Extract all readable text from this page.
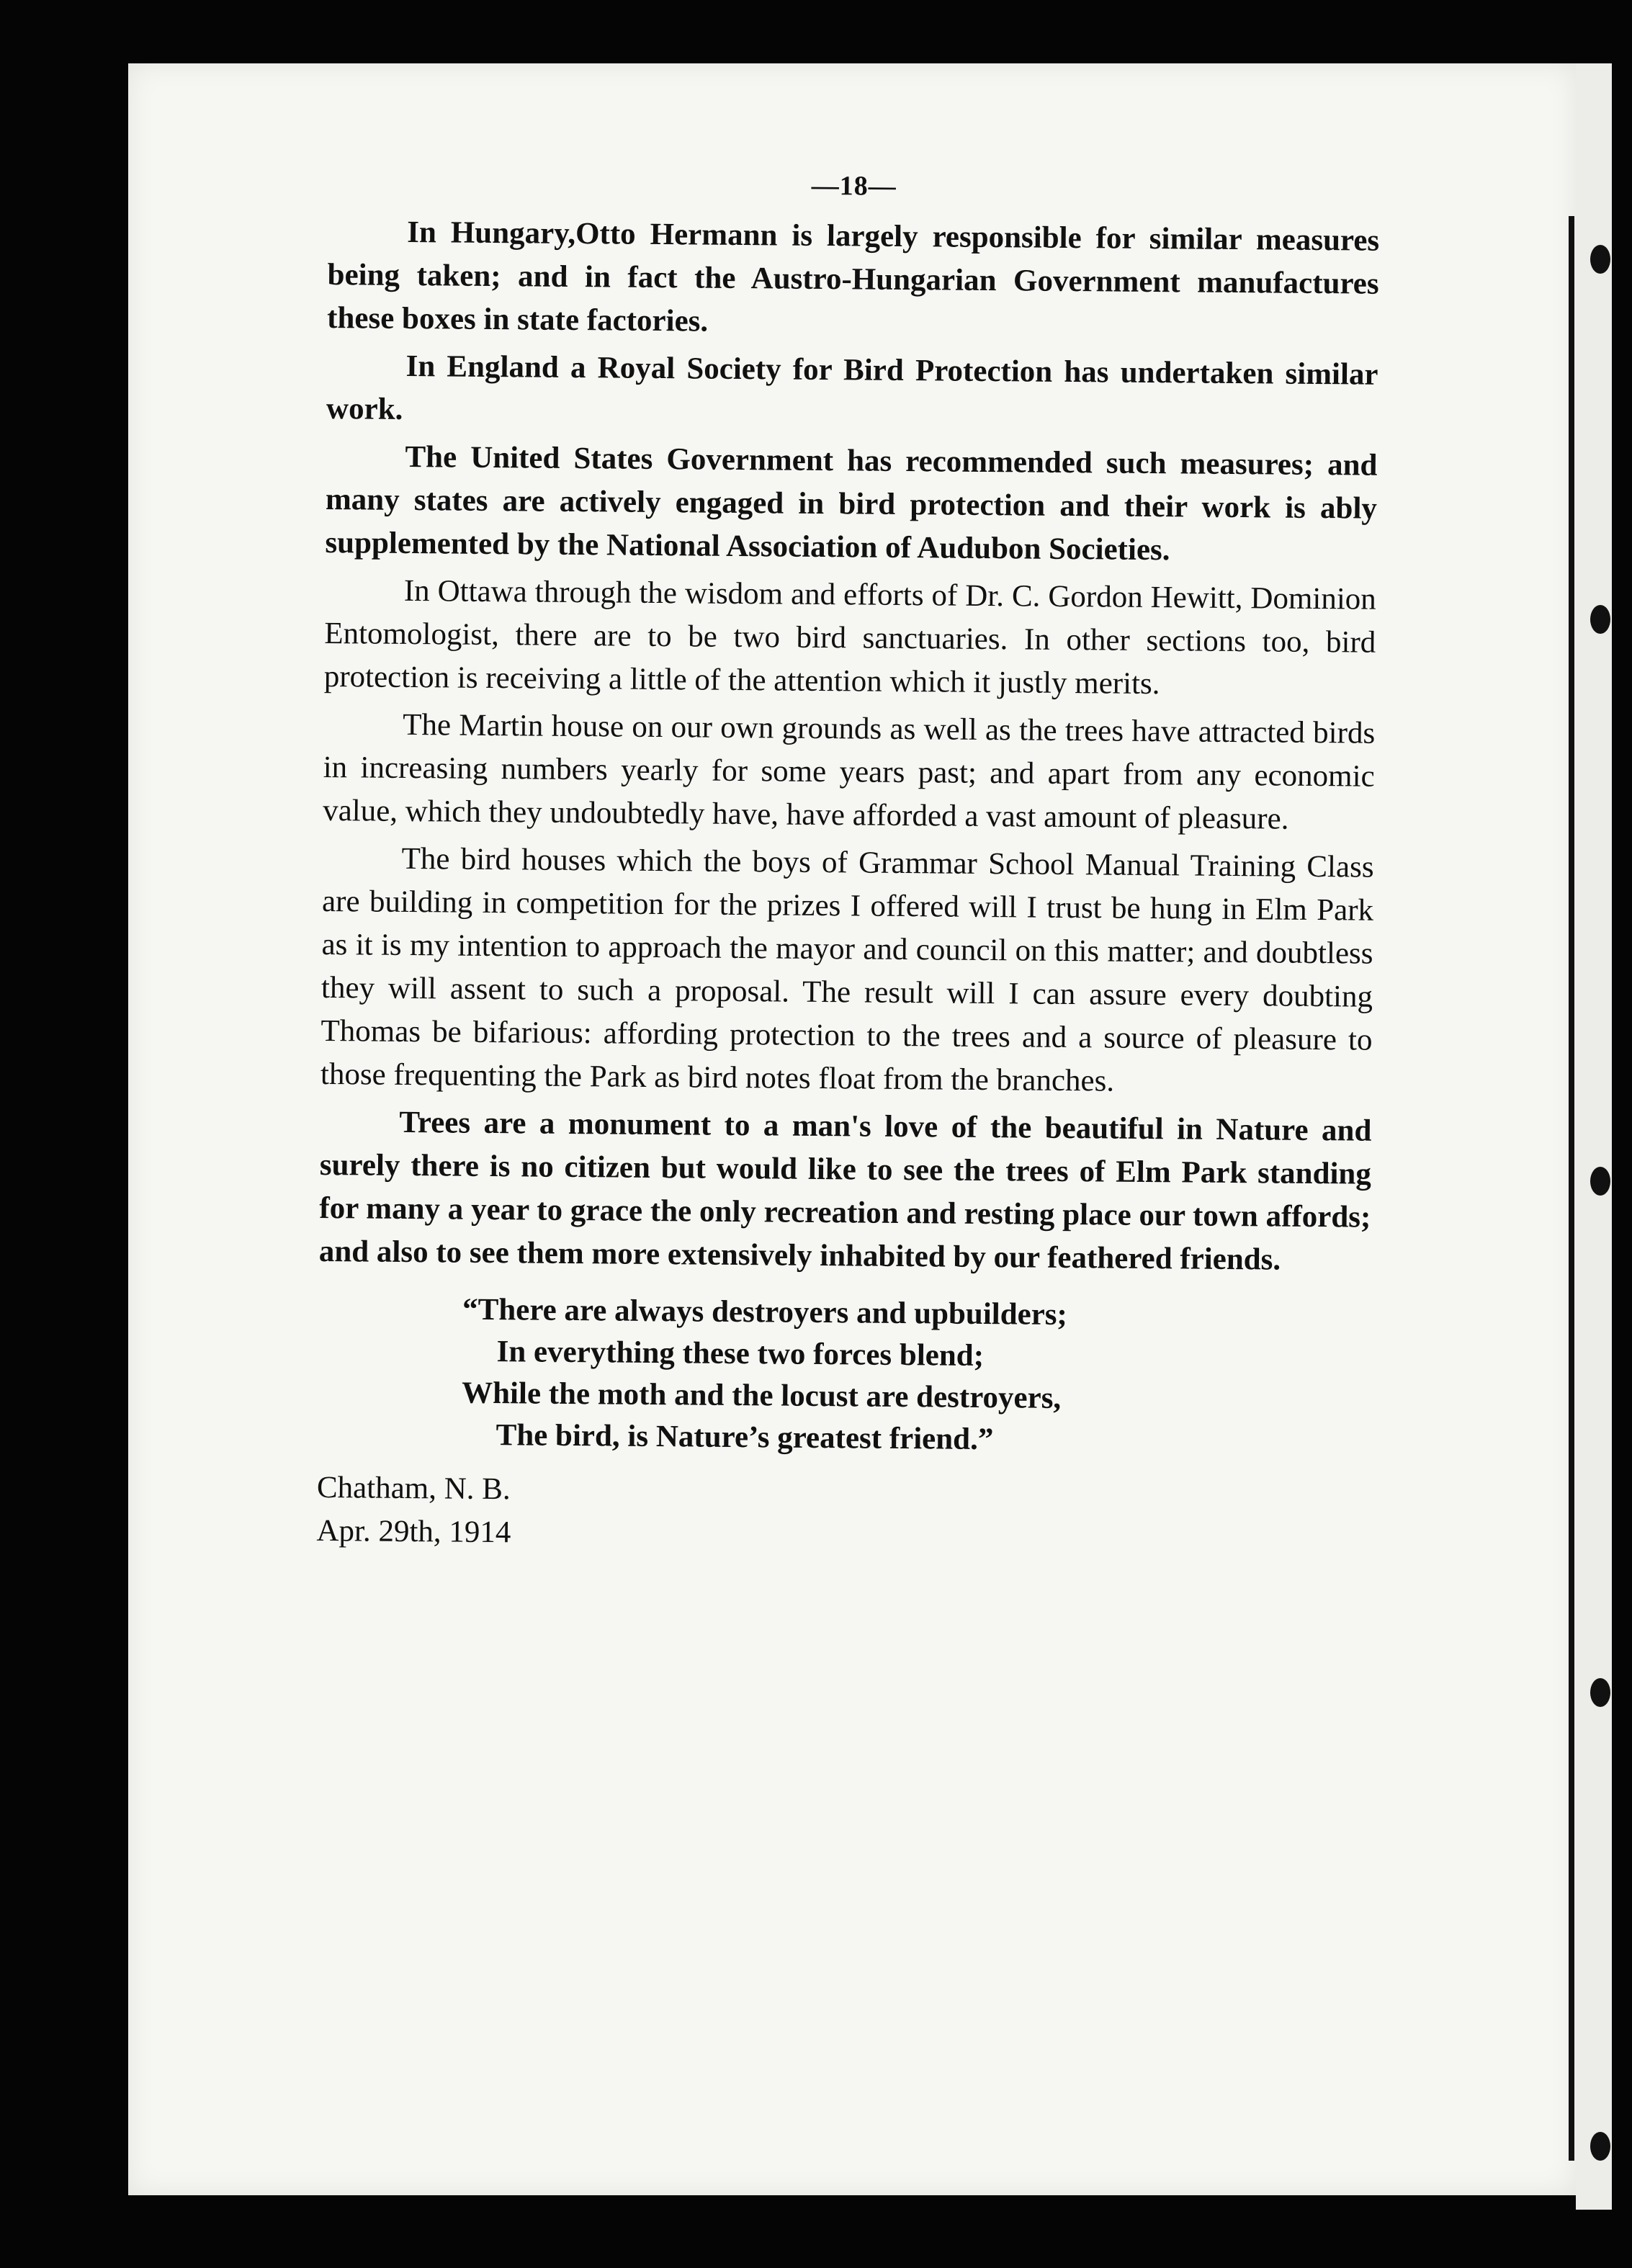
—18—

In Hungary,Otto Hermann is largely responsible for similar measures being taken; and in fact the Austro-Hungarian Government manufactures these boxes in state factories.

In England a Royal Society for Bird Protection has undertaken similar work.

The United States Government has recommended such measures; and many states are actively engaged in bird protection and their work is ably supplemented by the National Association of Audubon Societies.

In Ottawa through the wisdom and efforts of Dr. C. Gordon Hewitt, Dominion Entomologist, there are to be two bird sanctuaries. In other sections too, bird protection is receiving a little of the attention which it justly merits.

The Martin house on our own grounds as well as the trees have attracted birds in increasing numbers yearly for some years past; and apart from any economic value, which they undoubtedly have, have afforded a vast amount of pleasure.

The bird houses which the boys of Grammar School Manual Training Class are building in competition for the prizes I offered will I trust be hung in Elm Park as it is my intention to approach the mayor and council on this matter; and doubtless they will assent to such a proposal. The result will I can assure every doubting Thomas be bifarious: affording protection to the trees and a source of pleasure to those frequenting the Park as bird notes float from the branches.

Trees are a monument to a man's love of the beautiful in Nature and surely there is no citizen but would like to see the trees of Elm Park standing for many a year to grace the only recreation and resting place our town affords; and also to see them more extensively inhabited by our feathered friends.

“There are always destroyers and upbuilders;
In everything these two forces blend;
While the moth and the locust are destroyers,
The bird, is Nature’s greatest friend.”
Chatham, N. B.
Apr. 29th, 1914
